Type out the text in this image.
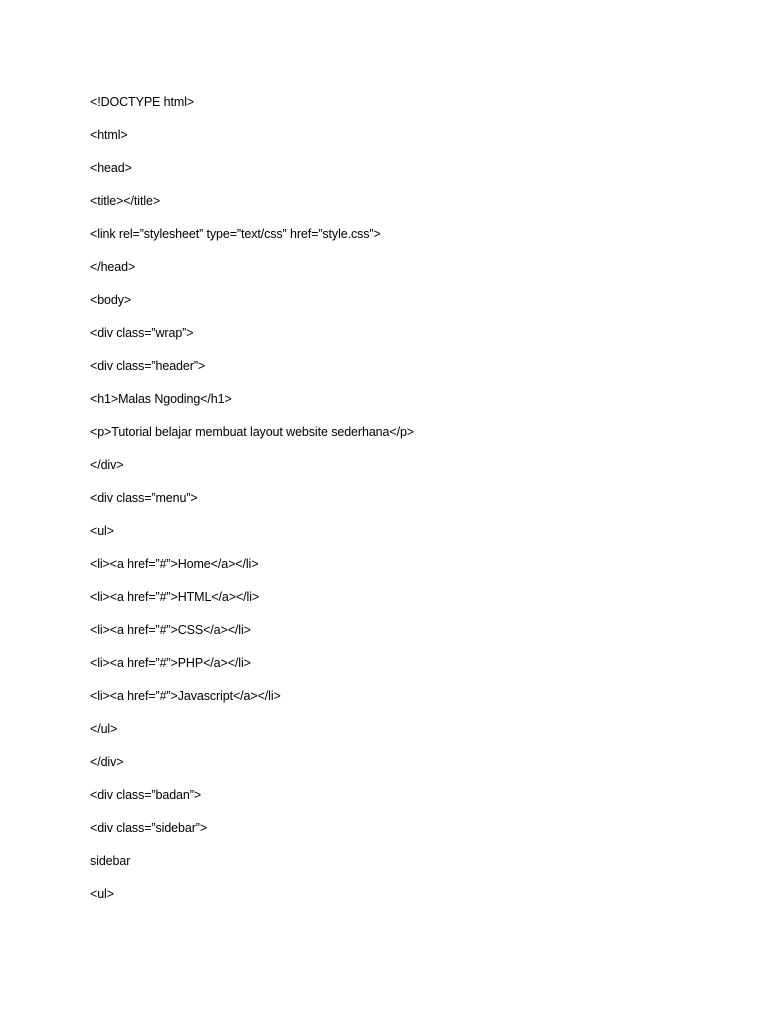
<!DOCTYPE html>
<html>
<head>
<title></title>
<link rel=”stylesheet” type=”text/css” href=”style.css”>
</head>
<body>
<div class=”wrap”>
<div class=”header”>
<h1>Malas Ngoding</h1>
<p>Tutorial belajar membuat layout website sederhana</p>
</div>
<div class=”menu”>
<ul>
<li><a href=”#”>Home</a></li>
<li><a href=”#”>HTML</a></li>
<li><a href=”#”>CSS</a></li>
<li><a href=”#”>PHP</a></li>
<li><a href=”#”>Javascript</a></li>
</ul>
</div>
<div class=”badan”>
<div class=”sidebar”>
sidebar
<ul>
